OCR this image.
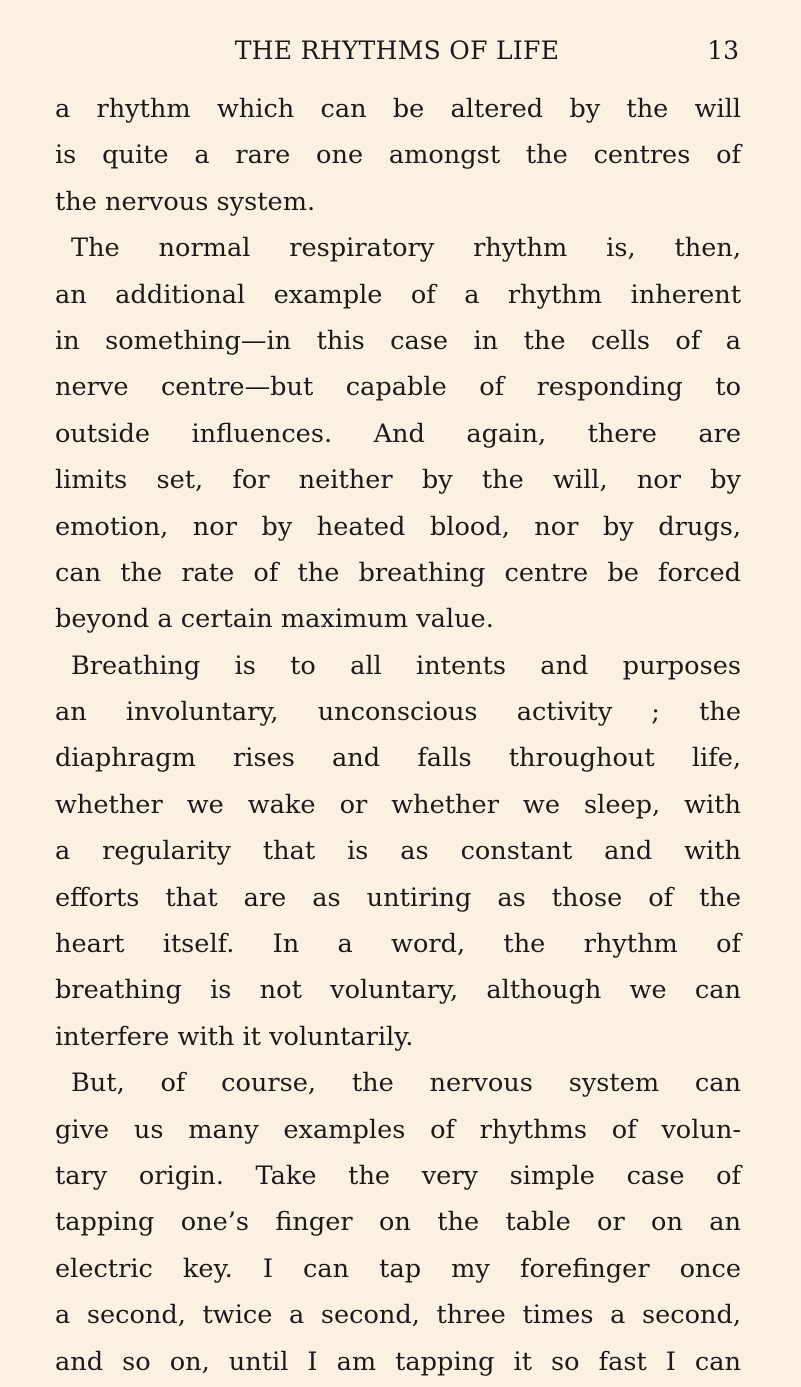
THE RHYTHMS OF LIFE	13
a rhythm which can be altered by the will
is quite a rare one amongst the centres of
the nervous system.
The normal respiratory rhythm is, then,
an additional example of a rhythm inherent
in something—in this case in the cells of a
nerve centre—but capable of responding to
outside influences. And again, there are
limits set, for neither by the will, nor by
emotion, nor by heated blood, nor by drugs,
can the rate of the breathing centre be forced
beyond a certain maximum value.
Breathing is to all intents and purposes
an involuntary, unconscious activity ; the
diaphragm rises and falls throughout life,
whether we wake or whether we sleep, with
a regularity that is as constant and with
efforts that are as untiring as those of the
heart itself. In a word, the rhythm of
breathing is not voluntary, although we can
interfere with it voluntarily.
But, of course, the nervous system can
give us many examples of rhythms of volun-
tary origin. Take the very simple case of
tapping one’s finger on the table or on an
electric key. I can tap my forefinger once
a second, twice a second, three times a second,
and so on, until I am tapping it so fast I can
